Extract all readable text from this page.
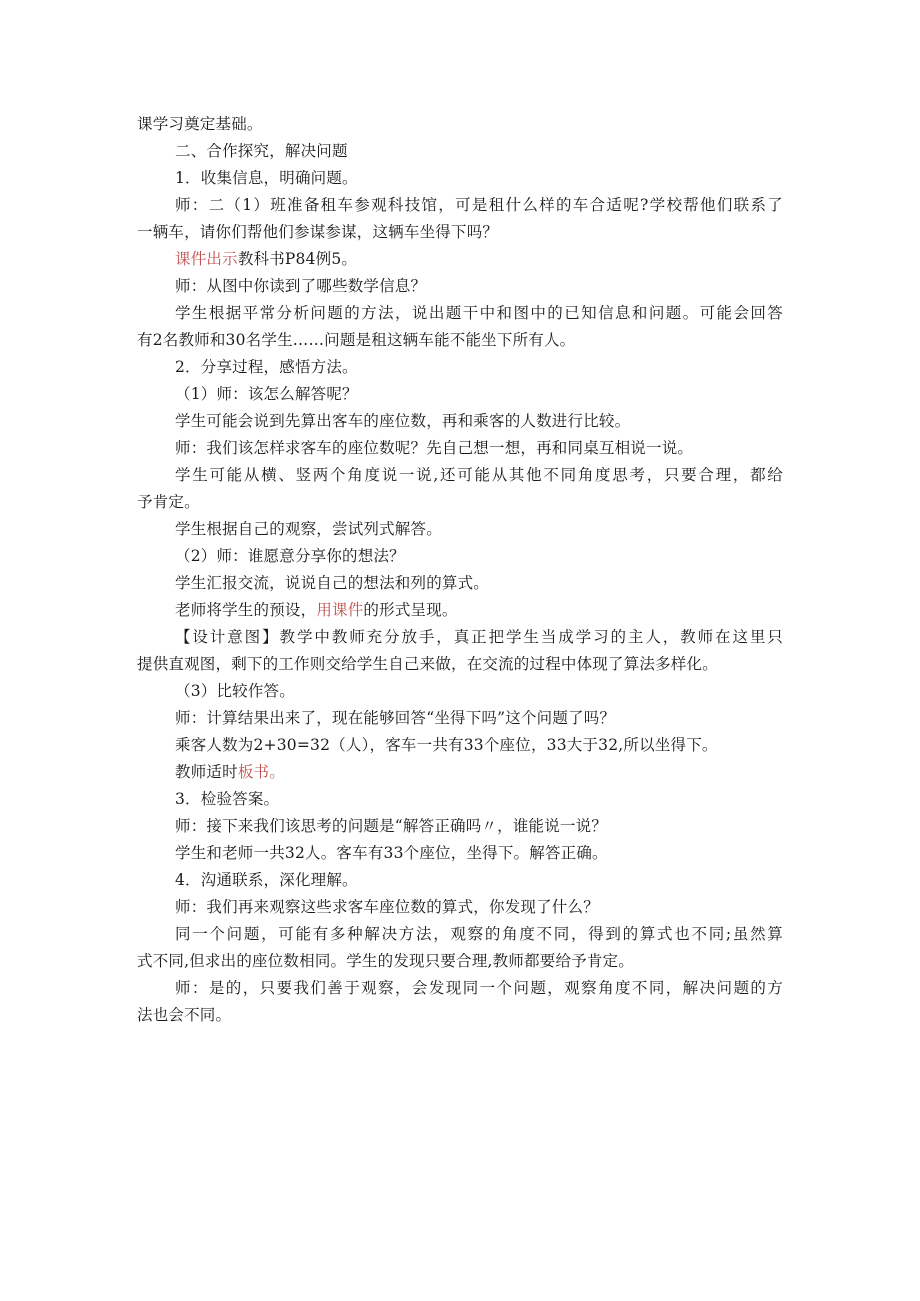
课学习奠定基础。
二、合作探究，解决问题
1．收集信息，明确问题。
师：二（1）班准备租车参观科技馆，可是租什么样的车合适呢?学校帮他们联系了
一辆车，请你们帮他们参谋参谋，这辆车坐得下吗？
课件出示教科书P84例5。
师：从图中你读到了哪些数学信息？
学生根据平常分析问题的方法，说出题干中和图中的已知信息和问题。可能会回答
有2名教师和30名学生……问题是租这辆车能不能坐下所有人。
2．分享过程，感悟方法。
（1）师：该怎么解答呢？
学生可能会说到先算出客车的座位数，再和乘客的人数进行比较。
师：我们该怎样求客车的座位数呢？先自己想一想，再和同桌互相说一说。
学生可能从横、竖两个角度说一说,还可能从其他不同角度思考，只要合理，都给
予肯定。
学生根据自己的观察，尝试列式解答。
（2）师：谁愿意分享你的想法？
学生汇报交流，说说自己的想法和列的算式。
老师将学生的预设，用课件的形式呈现。
【设计意图】教学中教师充分放手，真正把学生当成学习的主人，教师在这里只
提供直观图，剩下的工作则交给学生自己来做，在交流的过程中体现了算法多样化。
（3）比较作答。
师：计算结果出来了，现在能够回答“坐得下吗”这个问题了吗？
乘客人数为2+30=32（人），客车一共有33个座位，33大于32,所以坐得下。
教师适时板书。
3．检验答案。
师：接下来我们该思考的问题是“解答正确吗〃，谁能说一说？
学生和老师一共32人。客车有33个座位，坐得下。解答正确。
4．沟通联系，深化理解。
师：我们再来观察这些求客车座位数的算式，你发现了什么？
同一个问题，可能有多种解决方法，观察的角度不同，得到的算式也不同;虽然算
式不同,但求出的座位数相同。学生的发现只要合理,教师都要给予肯定。
师：是的，只要我们善于观察，会发现同一个问题，观察角度不同，解决问题的方
法也会不同。
